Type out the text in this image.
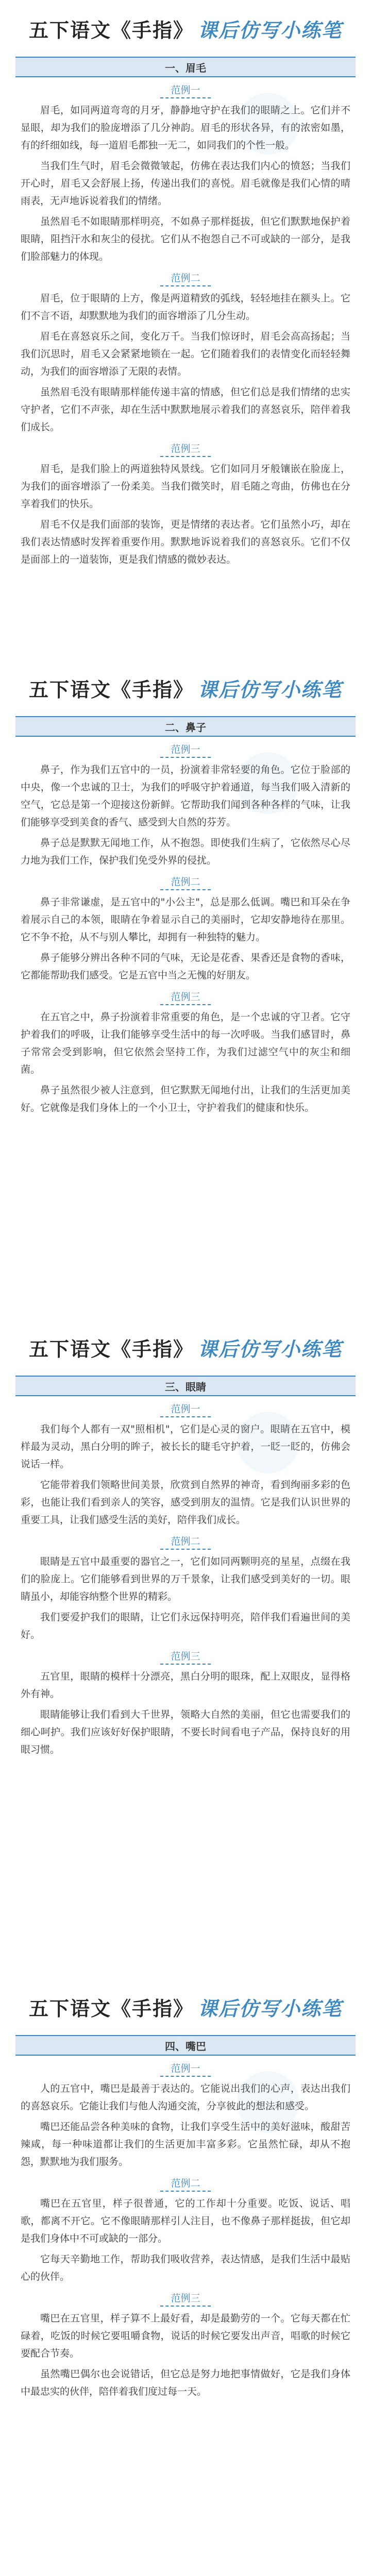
五下语文《手指》 课后仿写小练笔
一、眉毛
范例一

眉毛，如同两道弯弯的月牙，静静地守护在我们的眼睛之上。它们并不显眼，却为我们的脸庞增添了几分神韵。眉毛的形状各异，有的浓密如墨，有的纤细如线，每一道眉毛都独一无二，如同我们的个性一般。

当我们生气时，眉毛会微微皱起，仿佛在表达我们内心的愤怒；当我们开心时，眉毛又会舒展上扬，传递出我们的喜悦。眉毛就像是我们心情的晴雨表，无声地诉说着我们的情绪。

虽然眉毛不如眼睛那样明亮，不如鼻子那样挺拔，但它们默默地保护着眼睛，阻挡汗水和灰尘的侵扰。它们从不抱怨自己不可或缺的一部分，是我们脸部魅力的体现。

范例二

眉毛，位于眼睛的上方，像是两道精致的弧线，轻轻地挂在额头上。它们不言不语，却默默地为我们的面容增添了几分生动。

眉毛在喜怒哀乐之间，变化万千。当我们惊讶时，眉毛会高高扬起；当我们沉思时，眉毛又会紧紧地锁在一起。它们随着我们的表情变化而轻轻舞动，为我们的面容增添了无限的表情。

虽然眉毛没有眼睛那样能传递丰富的情感，但它们总是我们情绪的忠实守护者，它们不声张，却在生活中默默地展示着我们的喜怒哀乐，陪伴着我们成长。

范例三

眉毛，是我们脸上的两道独特风景线。它们如同月牙般镶嵌在脸庞上，为我们的面容增添了一份柔美。当我们微笑时，眉毛随之弯曲，仿佛也在分享着我们的快乐。

眉毛不仅是我们面部的装饰，更是情绪的表达者。它们虽然小巧，却在我们表达情感时发挥着重要作用。默默地诉说着我们的喜怒哀乐。它们不仅是面部上的一道装饰，更是我们情感的微妙表达。

五下语文《手指》 课后仿写小练笔
二、鼻子
范例一

鼻子，作为我们五官中的一员，扮演着非常轻要的角色。它位于脸部的中央，像一个忠诚的卫士，为我们的呼吸守护着通道，每当我们吸入清新的空气，它总是第一个迎接这份新鲜。它帮助我们闻到各种各样的气味，让我们能够享受到美食的香气、感受到大自然的芬芳。

鼻子总是默默无闻地工作，从不抱怨。即使我们生病了，它依然尽心尽力地为我们工作，保护我们免受外界的侵扰。

范例二

鼻子非常谦虚，是五官中的"小公主"，总是那么低调。嘴巴和耳朵在争着展示自己的本领，眼睛在争着显示自己的美丽时，它却安静地待在那里。它不争不抢，从不与别人攀比，却拥有一种独特的魅力。

鼻子能够分辨出各种不同的气味，无论是花香、果香还是食物的香味，它都能帮助我们感受。它是五官中当之无愧的好朋友。

范例三

在五官之中，鼻子扮演着非常重要的角色，是一个忠诚的守卫者。它守护着我们的呼吸，让我们能够享受生活中的每一次呼吸。当我们感冒时，鼻子常常会受到影响，但它依然会坚持工作，为我们过滤空气中的灰尘和细菌。

鼻子虽然很少被人注意到，但它默默无闻地付出，让我们的生活更加美好。它就像是我们身体上的一个小卫士，守护着我们的健康和快乐。

五下语文《手指》 课后仿写小练笔
三、眼睛
范例一

我们每个人都有一双"照相机"，它们是心灵的窗户。眼睛在五官中，模样最为灵动，黑白分明的眸子，被长长的睫毛守护着，一眨一眨的，仿佛会说话一样。

它能带着我们领略世间美景，欣赏到自然界的神奇，看到绚丽多彩的色彩，也能让我们看到亲人的笑容，感受到朋友的温情。它是我们认识世界的重要工具，让我们感受生活的美好，陪伴我们成长。

范例二

眼睛是五官中最重要的器官之一，它们如同两颗明亮的星星，点缀在我们的脸庞上。它们能够看到世界的万千景象，让我们感受到美好的一切。眼睛虽小，却能容纳整个世界的精彩。

我们要爱护我们的眼睛，让它们永远保持明亮，陪伴我们看遍世间的美好。

范例三

五官里，眼睛的模样十分漂亮，黑白分明的眼珠，配上双眼皮，显得格外有神。

眼睛能够让我们看到大千世界，领略大自然的美丽，但它也需要我们的细心呵护。我们应该好好保护眼睛，不要长时间看电子产品，保持良好的用眼习惯。

五下语文《手指》 课后仿写小练笔
四、嘴巴
范例一

人的五官中，嘴巴是最善于表达的。它能说出我们的心声，表达出我们的喜怒哀乐。它能让我们与他人沟通交流，分享彼此的想法和感受。

嘴巴还能品尝各种美味的食物，让我们享受生活中的美好滋味，酸甜苦辣咸，每一种味道都让我们的生活更加丰富多彩。它虽然忙碌，却从不抱怨，默默地为我们服务。

范例二

嘴巴在五官里，样子很普通，它的工作却十分重要。吃饭、说话、唱歌，都离不开它。它不像眼睛那样引人注目，也不像鼻子那样挺拔，但它却是我们身体中不可或缺的一部分。

它每天辛勤地工作，帮助我们吸收营养，表达情感，是我们生活中最贴心的伙伴。

范例三

嘴巴在五官里，样子算不上最好看，却是最勤劳的一个。它每天都在忙碌着，吃饭的时候它要咀嚼食物，说话的时候它要发出声音，唱歌的时候它要配合节奏。

虽然嘴巴偶尔也会说错话，但它总是努力地把事情做好，它是我们身体中最忠实的伙伴，陪伴着我们度过每一天。
